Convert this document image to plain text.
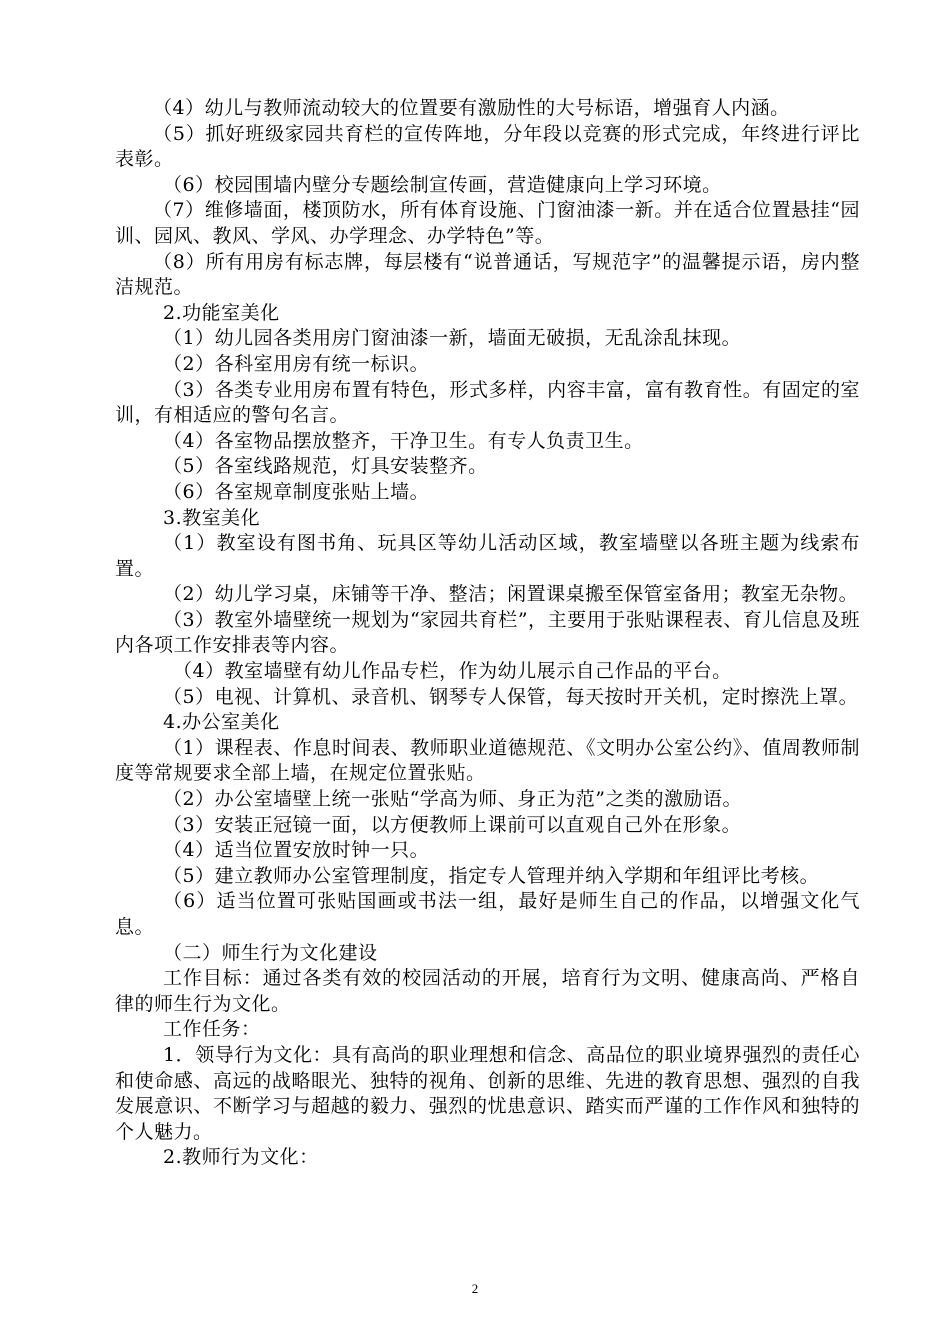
（4）幼儿与教师流动较大的位置要有激励性的大号标语，增强育人内涵。

（5）抓好班级家园共育栏的宣传阵地，分年段以竞赛的形式完成，年终进行评比表彰。

（6）校园围墙内壁分专题绘制宣传画，营造健康向上学习环境。

（7）维修墙面，楼顶防水，所有体育设施、门窗油漆一新。并在适合位置悬挂“园训、园风、教风、学风、办学理念、办学特色”等。

（8）所有用房有标志牌，每层楼有“说普通话，写规范字”的温馨提示语，房内整洁规范。

2.功能室美化

（1）幼儿园各类用房门窗油漆一新，墙面无破损，无乱涂乱抹现。

（2）各科室用房有统一标识。

（3）各类专业用房布置有特色，形式多样，内容丰富，富有教育性。有固定的室训，有相适应的警句名言。

（4）各室物品摆放整齐，干净卫生。有专人负责卫生。

（5）各室线路规范，灯具安装整齐。

（6）各室规章制度张贴上墙。

3.教室美化

（1）教室设有图书角、玩具区等幼儿活动区域，教室墙壁以各班主题为线索布置。

（2）幼儿学习桌，床铺等干净、整洁；闲置课桌搬至保管室备用；教室无杂物。

（3）教室外墙壁统一规划为“家园共育栏”，主要用于张贴课程表、育儿信息及班内各项工作安排表等内容。

（4）教室墙壁有幼儿作品专栏，作为幼儿展示自己作品的平台。

（5）电视、计算机、录音机、钢琴专人保管，每天按时开关机，定时擦洗上罩。

4.办公室美化

（1）课程表、作息时间表、教师职业道德规范、《文明办公室公约》、值周教师制度等常规要求全部上墙，在规定位置张贴。

（2）办公室墙壁上统一张贴“学高为师、身正为范”之类的激励语。

（3）安装正冠镜一面，以方便教师上课前可以直观自己外在形象。

（4）适当位置安放时钟一只。

（5）建立教师办公室管理制度，指定专人管理并纳入学期和年组评比考核。

（6）适当位置可张贴国画或书法一组，最好是师生自己的作品，以增强文化气息。

（二）师生行为文化建设

工作目标：通过各类有效的校园活动的开展，培育行为文明、健康高尚、严格自律的师生行为文化。

工作任务：

1．领导行为文化：具有高尚的职业理想和信念、高品位的职业境界强烈的责任心和使命感、高远的战略眼光、独特的视角、创新的思维、先进的教育思想、强烈的自我发展意识、不断学习与超越的毅力、强烈的忧患意识、踏实而严谨的工作作风和独特的个人魅力。

2.教师行为文化：

2
